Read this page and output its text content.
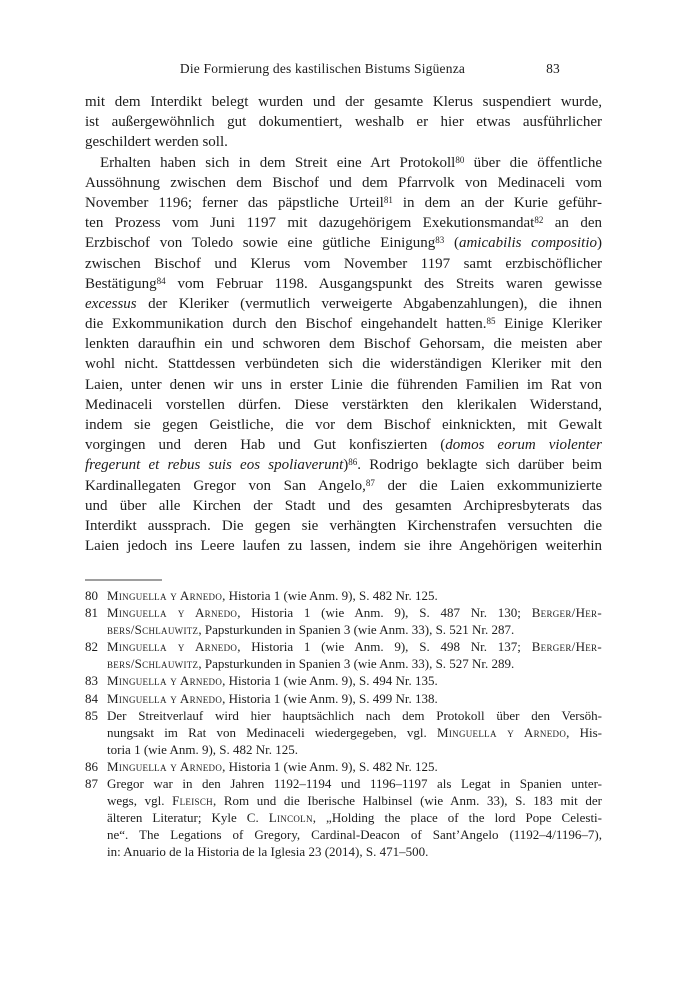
Die Formierung des kastilischen Bistums Sigüenza	83
mit dem Interdikt belegt wurden und der gesamte Klerus suspendiert wurde,
ist außergewöhnlich gut dokumentiert, weshalb er hier etwas ausführlicher
geschildert werden soll.
Erhalten haben sich in dem Streit eine Art Protokoll$^{80}$ über die öffentliche
Aussöhnung zwischen dem Bischof und dem Pfarrvolk von Medinaceli vom
November 1196; ferner das päpstliche Urteil$^{81}$ in dem an der Kurie geführ-
ten Prozess vom Juni 1197 mit dazugehörigem Exekutionsmandat$^{82}$ an den
Erzbischof von Toledo sowie eine gütliche Einigung$^{83}$ (amicabilis compositio)
zwischen Bischof und Klerus vom November 1197 samt erzbischöflicher
Bestätigung$^{84}$ vom Februar 1198. Ausgangspunkt des Streits waren gewisse
excessus der Kleriker (vermutlich verweigerte Abgabenzahlungen), die ihnen
die Exkommunikation durch den Bischof eingehandelt hatten.$^{85}$ Einige Kleriker
lenkten daraufhin ein und schworen dem Bischof Gehorsam, die meisten aber
wohl nicht. Stattdessen verbündeten sich die widerständigen Kleriker mit den
Laien, unter denen wir uns in erster Linie die führenden Familien im Rat von
Medinaceli vorstellen dürfen. Diese verstärkten den klerikalen Widerstand,
indem sie gegen Geistliche, die vor dem Bischof einknickten, mit Gewalt
vorgingen und deren Hab und Gut konfiszierten (domos eorum violenter
fregerunt et rebus suis eos spoliaverunt)$^{86}$. Rodrigo beklagte sich darüber beim
Kardinallegaten Gregor von San Angelo,$^{87}$ der die Laien exkommunizierte
und über alle Kirchen der Stadt und des gesamten Archipresbyterats das
Interdikt aussprach. Die gegen sie verhängten Kirchenstrafen versuchten die
Laien jedoch ins Leere laufen zu lassen, indem sie ihre Angehörigen weiterhin
80 Minguella y Arnedo, Historia 1 (wie Anm. 9), S. 482 Nr. 125.
81 Minguella y Arnedo, Historia 1 (wie Anm. 9), S. 487 Nr. 130; Berger/Her-
bers/Schlauwitz, Papsturkunden in Spanien 3 (wie Anm. 33), S. 521 Nr. 287.
82 Minguella y Arnedo, Historia 1 (wie Anm. 9), S. 498 Nr. 137; Berger/Her-
bers/Schlauwitz, Papsturkunden in Spanien 3 (wie Anm. 33), S. 527 Nr. 289.
83 Minguella y Arnedo, Historia 1 (wie Anm. 9), S. 494 Nr. 135.
84 Minguella y Arnedo, Historia 1 (wie Anm. 9), S. 499 Nr. 138.
85 Der Streitverlauf wird hier hauptsächlich nach dem Protokoll über den Versöh-
nungsakt im Rat von Medinaceli wiedergegeben, vgl. Minguella y Arnedo, His-
toria 1 (wie Anm. 9), S. 482 Nr. 125.
86 Minguella y Arnedo, Historia 1 (wie Anm. 9), S. 482 Nr. 125.
87 Gregor war in den Jahren 1192–1194 und 1196–1197 als Legat in Spanien unter-
wegs, vgl. Fleisch, Rom und die Iberische Halbinsel (wie Anm. 33), S. 183 mit der
älteren Literatur; Kyle C. Lincoln, „Holding the place of the lord Pope Celesti-
ne“. The Legations of Gregory, Cardinal-Deacon of Sant’Angelo (1192–4/1196–7),
in: Anuario de la Historia de la Iglesia 23 (2014), S. 471–500.
